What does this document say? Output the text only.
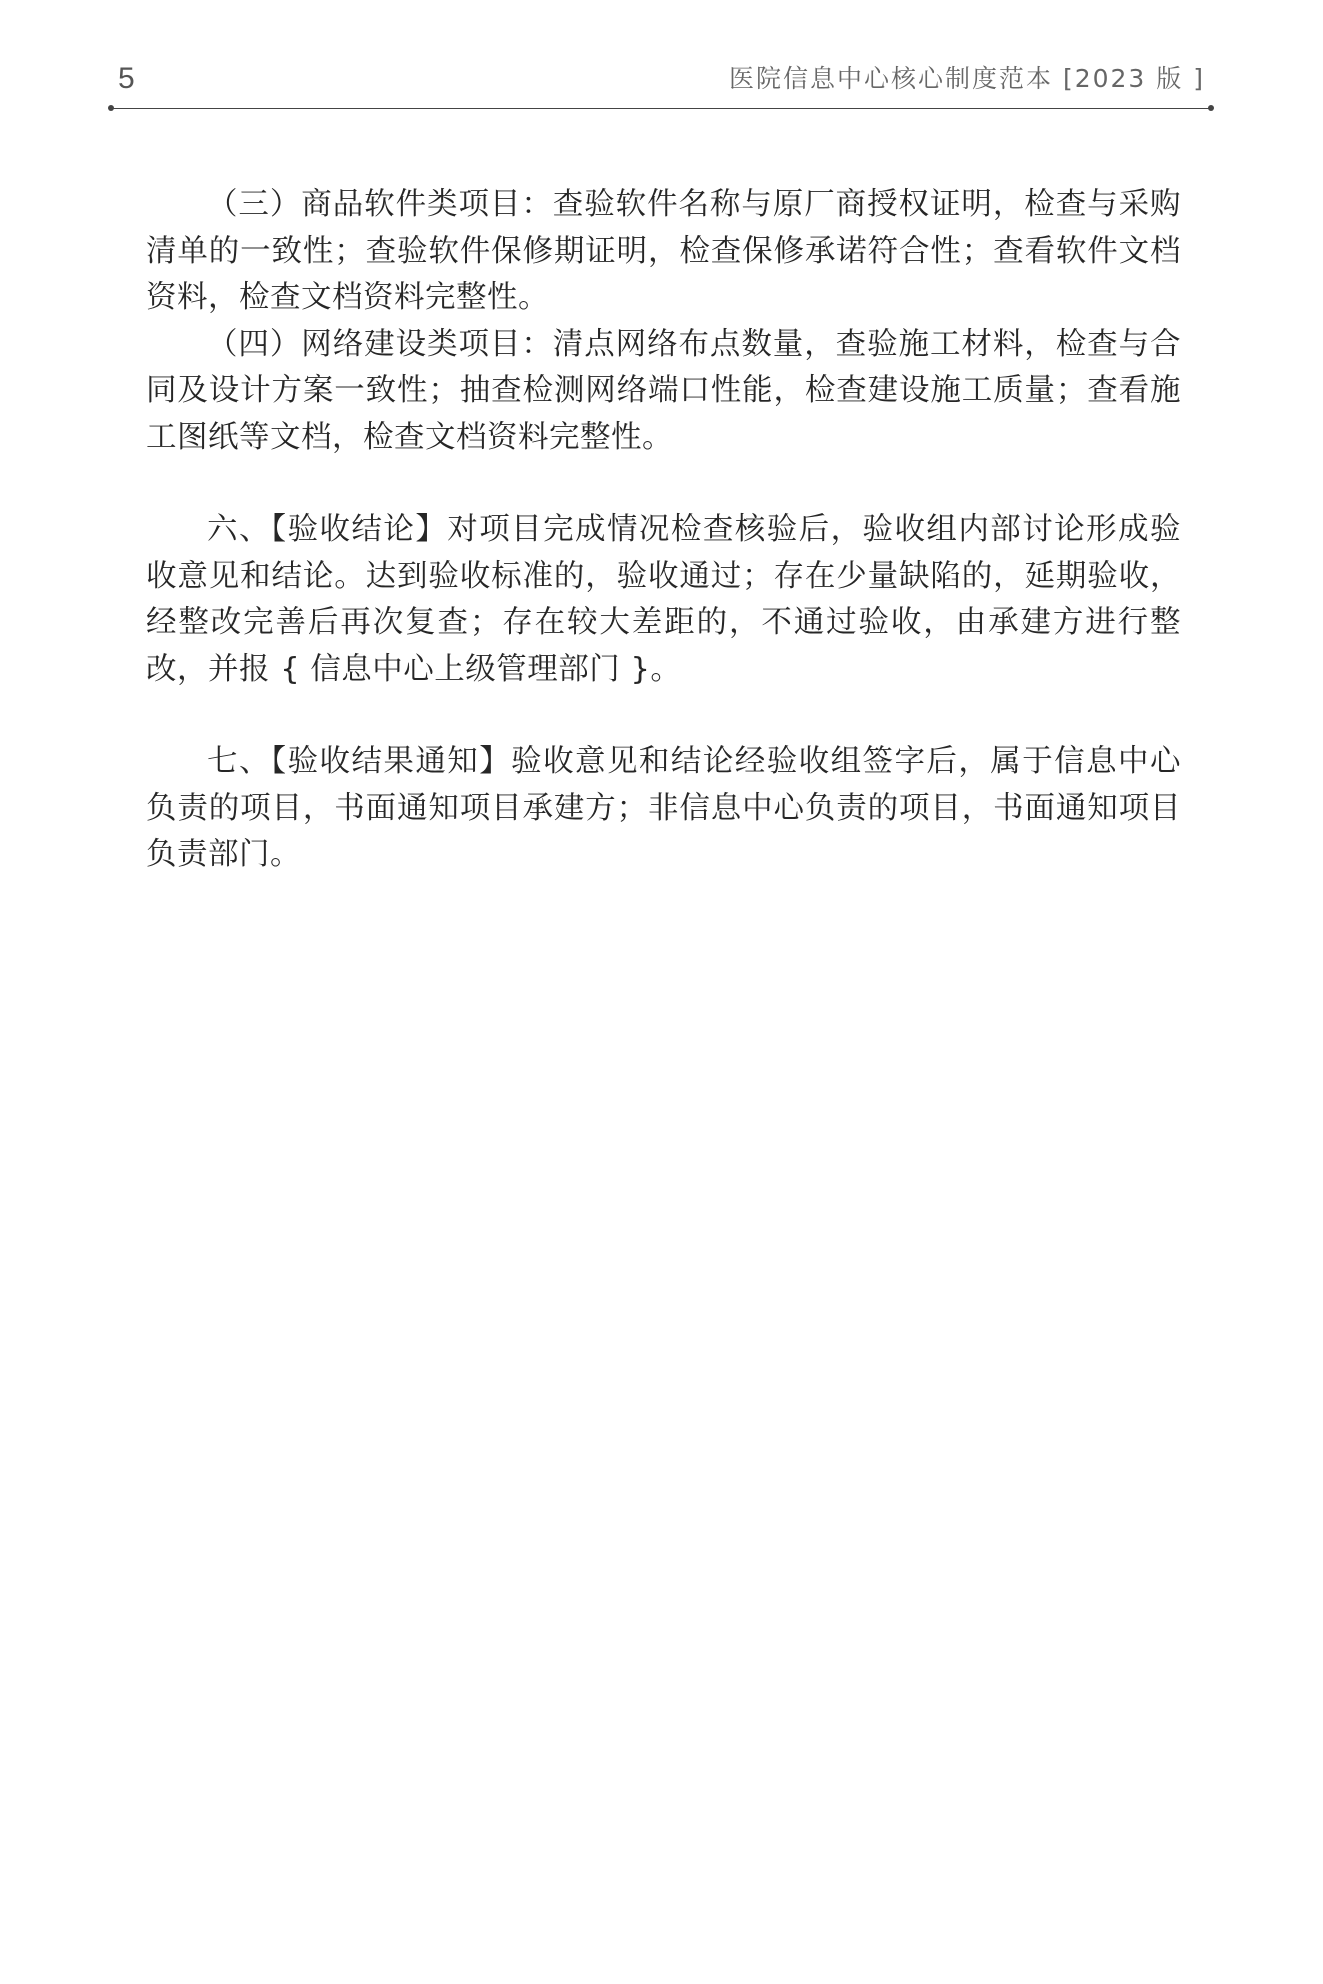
5	医院信息中心核心制度范本 [2023 版 ]

（三）商品软件类项目：查验软件名称与原厂商授权证明，检查与采购清单的一致性；查验软件保修期证明，检查保修承诺符合性；查看软件文档资料，检查文档资料完整性。

（四）网络建设类项目：清点网络布点数量，查验施工材料，检查与合同及设计方案一致性；抽查检测网络端口性能，检查建设施工质量；查看施工图纸等文档，检查文档资料完整性。

六、【验收结论】对项目完成情况检查核验后，验收组内部讨论形成验收意见和结论。达到验收标准的，验收通过；存在少量缺陷的，延期验收，经整改完善后再次复查；存在较大差距的，不通过验收，由承建方进行整改，并报 { 信息中心上级管理部门 }。

七、【验收结果通知】验收意见和结论经验收组签字后，属于信息中心负责的项目，书面通知项目承建方；非信息中心负责的项目，书面通知项目负责部门。
